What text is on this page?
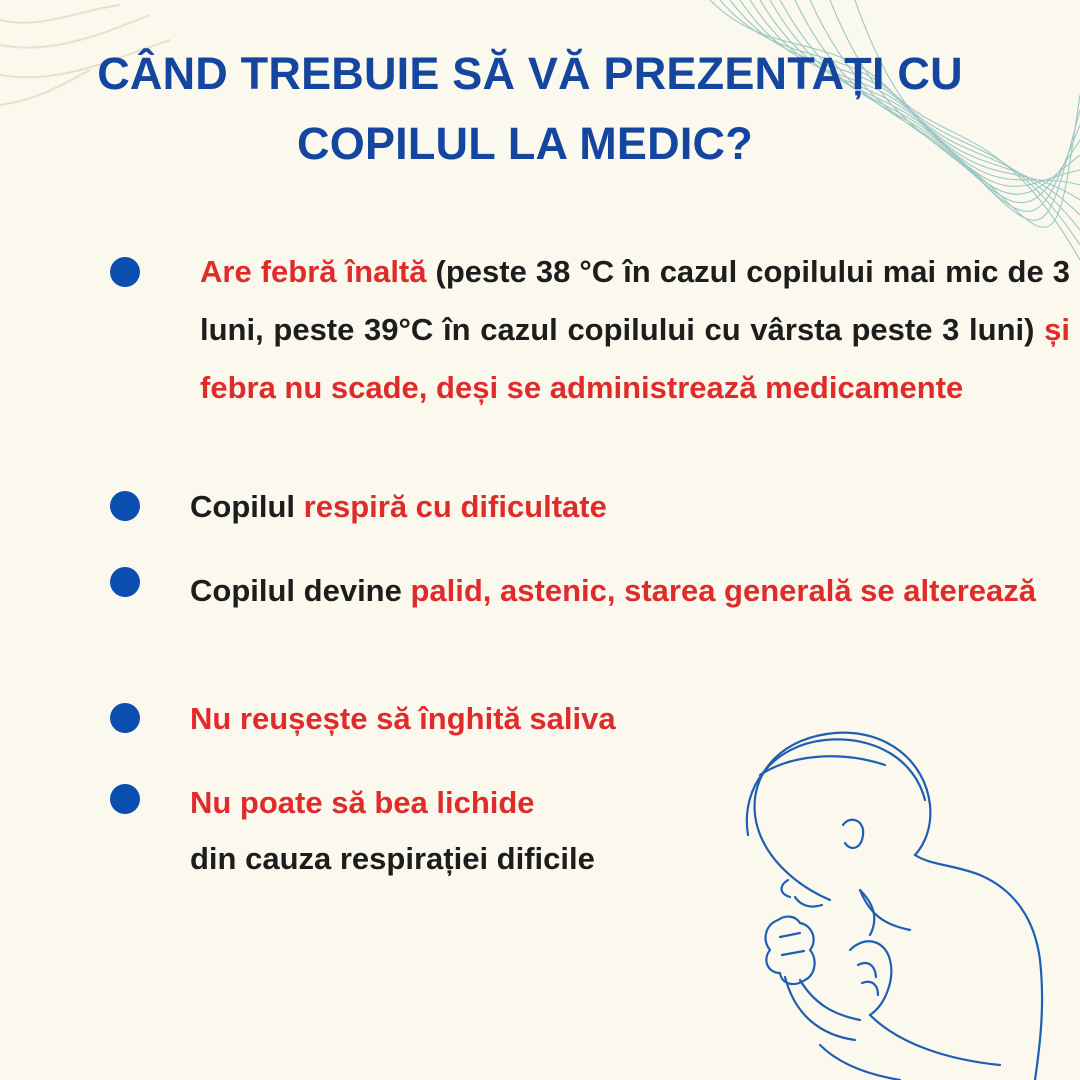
CÂND TREBUIE SĂ VĂ PREZENTAȚI CU
COPILUL LA MEDIC?
Are febră înaltă (peste 38 °C în cazul copilului mai mic de 3 luni, peste 39°C în cazul copilului cu vârsta peste 3 luni) și febra nu scade, deși se administrează medicamente
Copilul respiră cu dificultate
Copilul devine palid, astenic, starea generală se alterează
Nu reușește să înghită saliva
Nu poate să bea lichide
din cauza respirației dificile
